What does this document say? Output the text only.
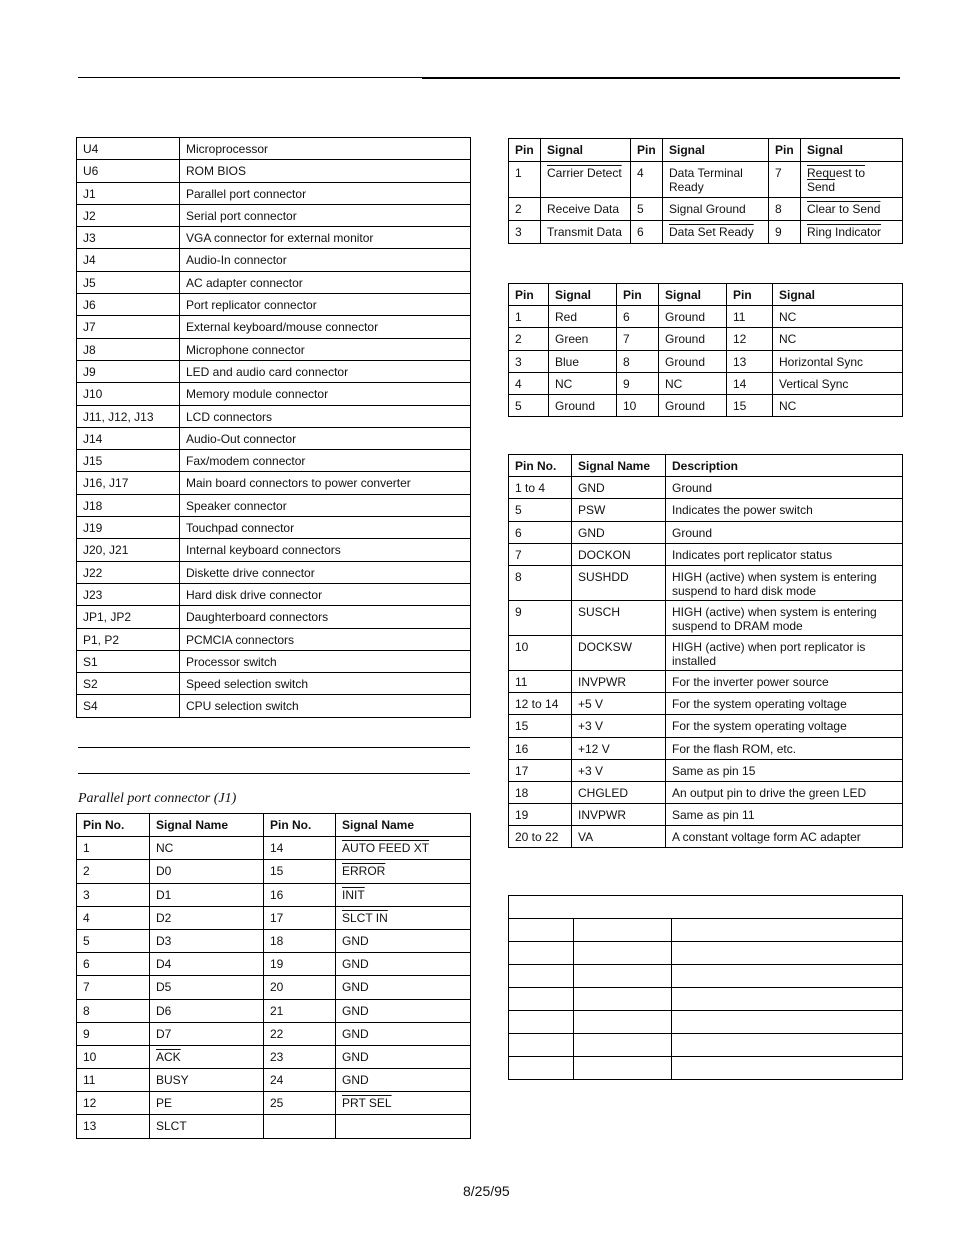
U4	Microprocessor
U6	ROM BIOS
J1	Parallel port connector
J2	Serial port connector
J3	VGA connector for external monitor
J4	Audio-In connector
J5	AC adapter connector
J6	Port replicator connector
J7	External keyboard/mouse connector
J8	Microphone connector
J9	LED and audio card connector
J10	Memory module connector
J11, J12, J13	LCD connectors
J14	Audio-Out connector
J15	Fax/modem connector
J16, J17	Main board connectors to power converter
J18	Speaker connector
J19	Touchpad connector
J20, J21	Internal keyboard connectors
J22	Diskette drive connector
J23	Hard disk drive connector
JP1, JP2	Daughterboard connectors
P1, P2	PCMCIA connectors
S1	Processor switch
S2	Speed selection switch
S4	CPU selection switch
Parallel port connector (J1)
Pin No.	Signal Name	Pin No.	Signal Name
1	NC	14	AUTO FEED XT
2	D0	15	ERROR
3	D1	16	INIT
4	D2	17	SLCT IN
5	D3	18	GND
6	D4	19	GND
7	D5	20	GND
8	D6	21	GND
9	D7	22	GND
10	$\overline{ACK}$	23	GND
11	BUSY	24	GND
12	PE	25	PRT SEL
13	SLCT		
Pin	Signal	Pin	Signal	Pin	Signal
1	Carrier Detect	4	Data Terminal Ready	7	Request to Send
2	Receive Data	5	Signal Ground	8	Clear to Send
3	Transmit Data	6	Data Set Ready	9	Ring Indicator
Pin	Signal	Pin	Signal	Pin	Signal
1	Red	6	Ground	11	NC
2	Green	7	Ground	12	NC
3	Blue	8	Ground	13	Horizontal Sync
4	NC	9	NC	14	Vertical Sync
5	Ground	10	Ground	15	NC
Pin No.	Signal Name	Description
1 to 4	GND	Ground
5	PSW	Indicates the power switch
6	GND	Ground
7	DOCKON	Indicates port replicator status
8	SUSHDD	HIGH (active) when system is entering suspend to hard disk mode
9	SUSCH	HIGH (active) when system is entering suspend to DRAM mode
10	DOCKSW	HIGH (active) when port replicator is installed
11	INVPWR	For the inverter power source
12 to 14	+5 V	For the system operating voltage
15	+3 V	For the system operating voltage
16	+12 V	For the flash ROM, etc.
17	+3 V	Same as pin 15
18	CHGLED	An output pin to drive the green LED
19	INVPWR	Same as pin 11
20 to 22	VA	A constant voltage form AC adapter

8/25/95
